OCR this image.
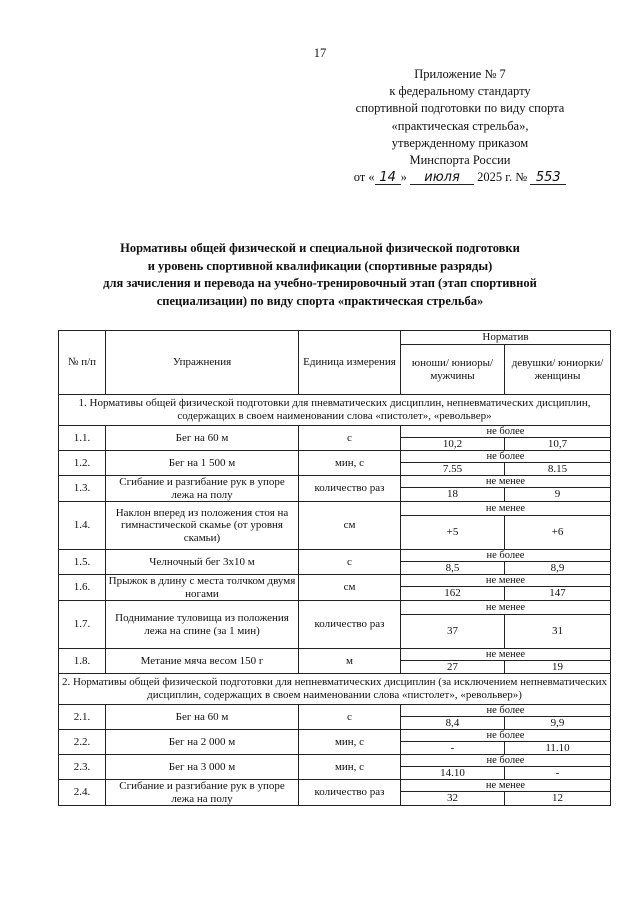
17
Приложение № 7
к федеральному стандарту
спортивной подготовки по виду спорта
«практическая стрельба»,
утвержденному приказом
Минспорта России
от « 14 » июля 2025 г. № 553
Нормативы общей физической и специальной физической подготовки
и уровень спортивной квалификации (спортивные разряды)
для зачисления и перевода на учебно-тренировочный этап (этап спортивной
специализации) по виду спорта «практическая стрельба»
№ п/п	Упражнения	Единица измерения	Норматив	
			юноши/ юниоры/ мужчины	девушки/ юниорки/ женщины
1. Нормативы общей физической подготовки для пневматических дисциплин, непневматических дисциплин, содержащих в своем наименовании слова «пистолет», «револьвер»				
1.1.	Бег на 60 м	с	не более	
			10,2	10,7
1.2.	Бег на 1 500 м	мин, с	не более	
			7.55	8.15
1.3.	Сгибание и разгибание рук в упоре лежа на полу	количество раз	не менее	
			18	9
1.4.	Наклон вперед из положения стоя на гимнастической скамье (от уровня скамьи)	см	не менее	
			+5	+6
1.5.	Челночный бег 3x10 м	с	не более	
			8,5	8,9
1.6.	Прыжок в длину с места толчком двумя ногами	см	не менее	
			162	147
1.7.	Поднимание туловища из положения лежа на спине (за 1 мин)	количество раз	не менее	
			37	31
1.8.	Метание мяча весом 150 г	м	не менее	
			27	19
2. Нормативы общей физической подготовки для непневматических дисциплин (за исключением непневматических дисциплин, содержащих в своем наименовании слова «пистолет», «револьвер»)				
2.1.	Бег на 60 м	с	не более	
			8,4	9,9
2.2.	Бег на 2 000 м	мин, с	не более	
			-	11.10
2.3.	Бег на 3 000 м	мин, с	не более	
			14.10	-
2.4.	Сгибание и разгибание рук в упоре лежа на полу	количество раз	не менее	
			32	12
